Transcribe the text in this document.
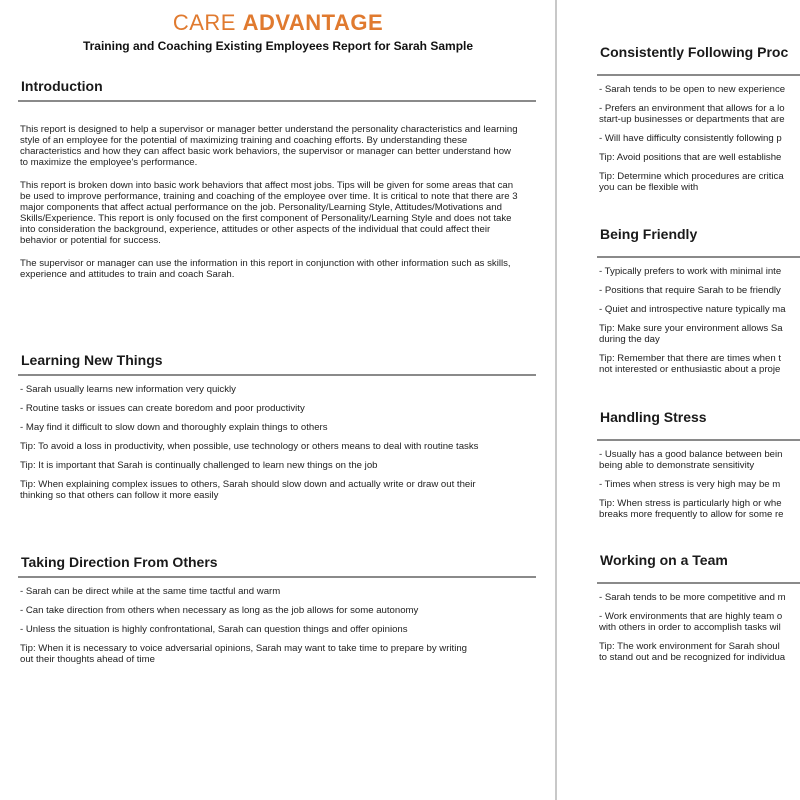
CARE ADVANTAGE
Training and Coaching Existing Employees Report for Sarah Sample
Introduction

This report is designed to help a supervisor or manager better understand the personality characteristics and learning style of an employee for the potential of maximizing training and coaching efforts. By understanding these characteristics and how they can affect basic work behaviors, the supervisor or manager can better understand how to maximize the employee's performance.

This report is broken down into basic work behaviors that affect most jobs. Tips will be given for some areas that can be used to improve performance, training and coaching of the employee over time. It is critical to note that there are 3 major components that affect actual performance on the job. Personality/Learning Style, Attitudes/Motivations and Skills/Experience. This report is only focused on the first component of Personality/Learning Style and does not take into consideration the background, experience, attitudes or other aspects of the individual that could affect their behavior or potential for success.

The supervisor or manager can use the information in this report in conjunction with other information such as skills, experience and attitudes to train and coach Sarah.

Learning New Things

- Sarah usually learns new information very quickly

- Routine tasks or issues can create boredom and poor productivity

- May find it difficult to slow down and thoroughly explain things to others

Tip: To avoid a loss in productivity, when possible, use technology or others means to deal with routine tasks

Tip: It is important that Sarah is continually challenged to learn new things on the job

Tip: When explaining complex issues to others, Sarah should slow down and actually write or draw out their thinking so that others can follow it more easily

Taking Direction From Others

- Sarah can be direct while at the same time tactful and warm

- Can take direction from others when necessary as long as the job allows for some autonomy

- Unless the situation is highly confrontational, Sarah can question things and offer opinions

Tip: When it is necessary to voice adversarial opinions, Sarah may want to take time to prepare by writing out their thoughts ahead of time

Consistently Following Proc

- Sarah tends to be open to new experience

- Prefers an environment that allows for a lo

start-up businesses or departments that are

- Will have difficulty consistently following p

Tip: Avoid positions that are well establishe

Tip: Determine which procedures are critica

you can be flexible with

Being Friendly

- Typically prefers to work with minimal inte

- Positions that require Sarah to be friendly

- Quiet and introspective nature typically ma

Tip: Make sure your environment allows Sa

during the day

Tip: Remember that there are times when t

not interested or enthusiastic about a proje

Handling Stress

- Usually has a good balance between bein

being able to demonstrate sensitivity

- Times when stress is very high may be m

Tip: When stress is particularly high or whe

breaks more frequently to allow for some re

Working on a Team

- Sarah tends to be more competitive and m

- Work environments that are highly team o

with others in order to accomplish tasks wil

Tip: The work environment for Sarah shoul

to stand out and be recognized for individua
